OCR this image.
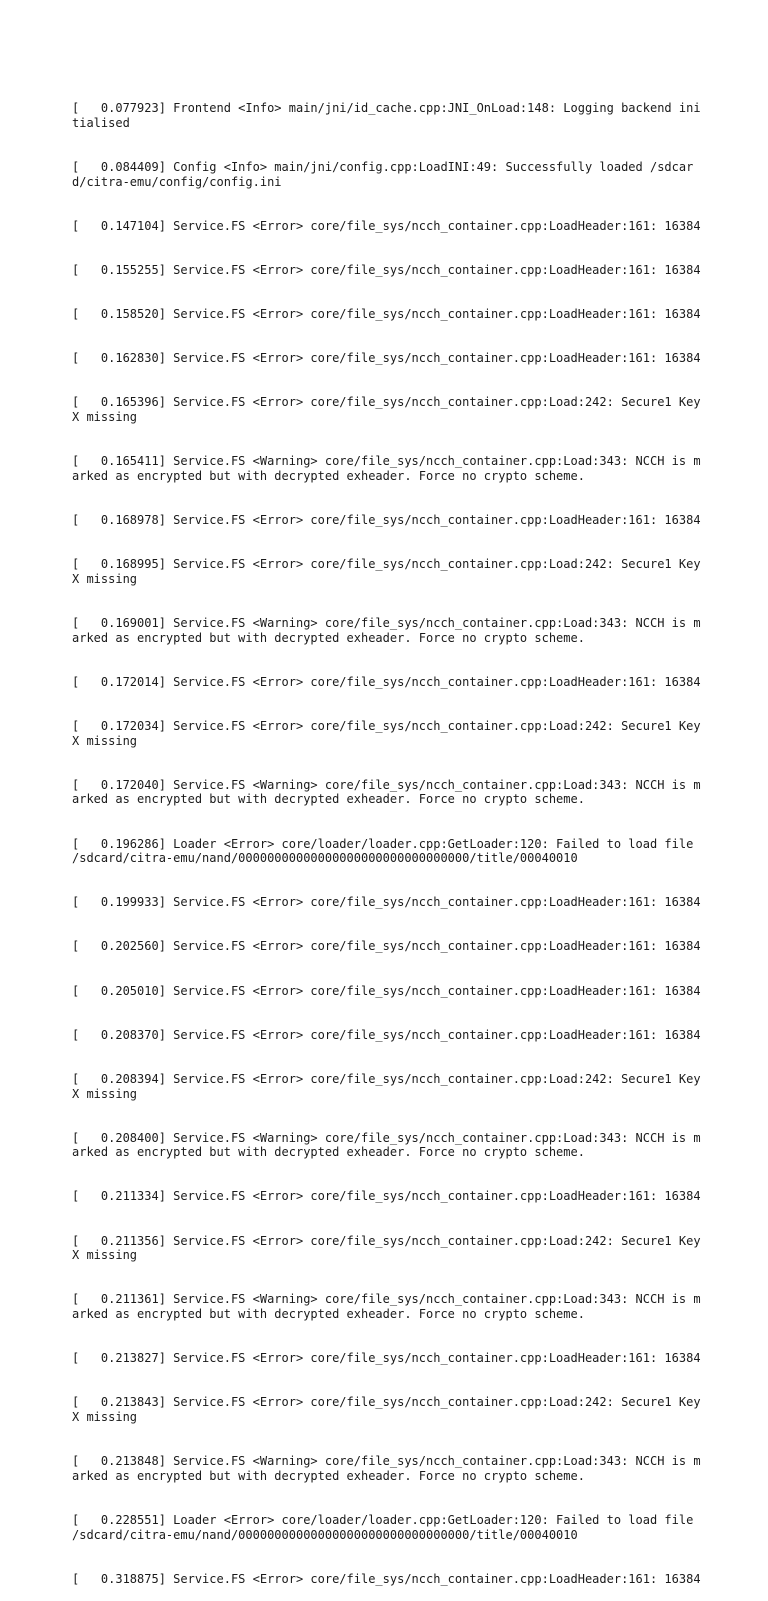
[   0.077923] Frontend <Info> main/jni/id_cache.cpp:JNI_OnLoad:148: Logging backend initialised

[   0.084409] Config <Info> main/jni/config.cpp:LoadINI:49: Successfully loaded /sdcard/citra-emu/config/config.ini

[   0.147104] Service.FS <Error> core/file_sys/ncch_container.cpp:LoadHeader:161: 16384

[   0.155255] Service.FS <Error> core/file_sys/ncch_container.cpp:LoadHeader:161: 16384

[   0.158520] Service.FS <Error> core/file_sys/ncch_container.cpp:LoadHeader:161: 16384

[   0.162830] Service.FS <Error> core/file_sys/ncch_container.cpp:LoadHeader:161: 16384

[   0.165396] Service.FS <Error> core/file_sys/ncch_container.cpp:Load:242: Secure1 KeyX missing

[   0.165411] Service.FS <Warning> core/file_sys/ncch_container.cpp:Load:343: NCCH is marked as encrypted but with decrypted exheader. Force no crypto scheme.

[   0.168978] Service.FS <Error> core/file_sys/ncch_container.cpp:LoadHeader:161: 16384

[   0.168995] Service.FS <Error> core/file_sys/ncch_container.cpp:Load:242: Secure1 KeyX missing

[   0.169001] Service.FS <Warning> core/file_sys/ncch_container.cpp:Load:343: NCCH is marked as encrypted but with decrypted exheader. Force no crypto scheme.

[   0.172014] Service.FS <Error> core/file_sys/ncch_container.cpp:LoadHeader:161: 16384

[   0.172034] Service.FS <Error> core/file_sys/ncch_container.cpp:Load:242: Secure1 KeyX missing

[   0.172040] Service.FS <Warning> core/file_sys/ncch_container.cpp:Load:343: NCCH is marked as encrypted but with decrypted exheader. Force no crypto scheme.

[   0.196286] Loader <Error> core/loader/loader.cpp:GetLoader:120: Failed to load file /sdcard/citra-emu/nand/00000000000000000000000000000000/title/00040010

[   0.199933] Service.FS <Error> core/file_sys/ncch_container.cpp:LoadHeader:161: 16384

[   0.202560] Service.FS <Error> core/file_sys/ncch_container.cpp:LoadHeader:161: 16384

[   0.205010] Service.FS <Error> core/file_sys/ncch_container.cpp:LoadHeader:161: 16384

[   0.208370] Service.FS <Error> core/file_sys/ncch_container.cpp:LoadHeader:161: 16384

[   0.208394] Service.FS <Error> core/file_sys/ncch_container.cpp:Load:242: Secure1 KeyX missing

[   0.208400] Service.FS <Warning> core/file_sys/ncch_container.cpp:Load:343: NCCH is marked as encrypted but with decrypted exheader. Force no crypto scheme.

[   0.211334] Service.FS <Error> core/file_sys/ncch_container.cpp:LoadHeader:161: 16384

[   0.211356] Service.FS <Error> core/file_sys/ncch_container.cpp:Load:242: Secure1 KeyX missing

[   0.211361] Service.FS <Warning> core/file_sys/ncch_container.cpp:Load:343: NCCH is marked as encrypted but with decrypted exheader. Force no crypto scheme.

[   0.213827] Service.FS <Error> core/file_sys/ncch_container.cpp:LoadHeader:161: 16384

[   0.213843] Service.FS <Error> core/file_sys/ncch_container.cpp:Load:242: Secure1 KeyX missing

[   0.213848] Service.FS <Warning> core/file_sys/ncch_container.cpp:Load:343: NCCH is marked as encrypted but with decrypted exheader. Force no crypto scheme.

[   0.228551] Loader <Error> core/loader/loader.cpp:GetLoader:120: Failed to load file /sdcard/citra-emu/nand/00000000000000000000000000000000/title/00040010

[   0.318875] Service.FS <Error> core/file_sys/ncch_container.cpp:LoadHeader:161: 16384
